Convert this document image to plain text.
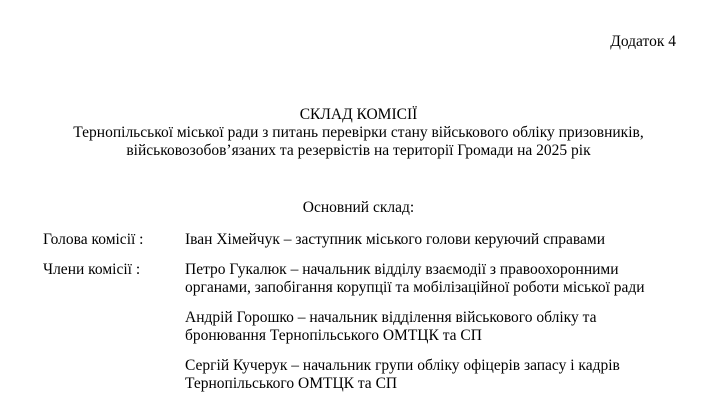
Додаток 4
СКЛАД КОМІСІЇ
Тернопільської міської ради з питань перевірки стану військового обліку призовників,
військовозобов’язаних та резервістів на території Громади на 2025 рік
Основний склад:
Голова комісії :	Іван Хімейчук – заступник міського голови керуючий справами
Члени комісії :	Петро Гукалюк – начальник відділу взаємодії з правоохоронними
органами, запобігання корупції та мобілізаційної роботи міської ради
Андрій Горошко – начальник відділення військового обліку та
бронювання Тернопільського ОМТЦК та СП
Сергій Кучерук – начальник групи обліку офіцерів запасу і кадрів
Тернопільського ОМТЦК та СП
